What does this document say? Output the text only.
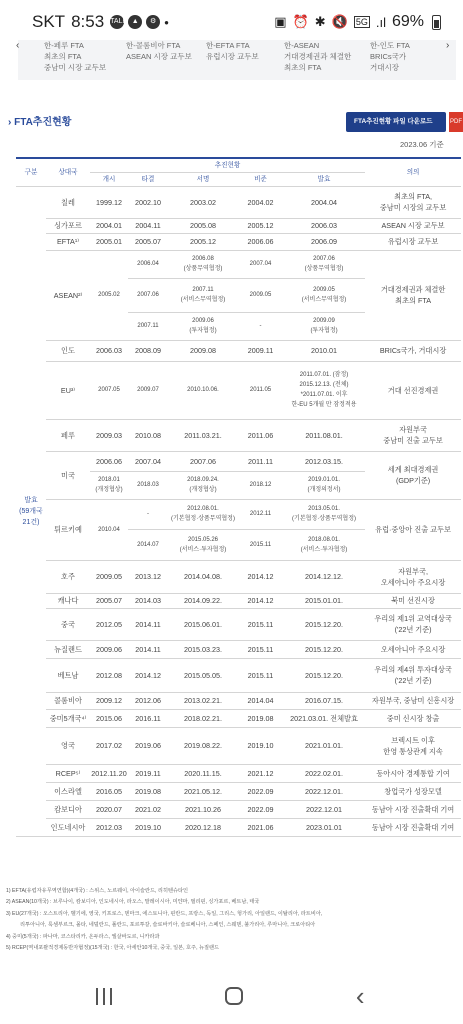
SKT 8:53 TALK ▲	⚙ ●	▣ ⏰ ✱ 🔇 5G .ıl 69%
‹	한-페루 FTA
최초의 FTA
중남미 시장 교두보
한-콜롬비아 FTA
ASEAN 시장 교두보
한-EFTA FTA
유럽시장 교두보
한-ASEAN
거대경제권과 체결한
최초의 FTA
한-인도 FTA
BRICs국가
거대시장
›
› FTA추진현황	FTA추진현황 파일 다운로드	PDF
2023.06 기준
구분	상대국	추진현황					의의
		개시	타결	서명	비준	발효	
발효
(59개국
21건)	칠레	1999.12	2002.10	2003.02	2004.02	2004.04	최초의 FTA,
중남미 시장의 교두보
	싱가포르	2004.01	2004.11	2005.08	2005.12	2006.03	ASEAN 시장 교두보
	EFTA¹⁾	2005.01	2005.07	2005.12	2006.06	2006.09	유럽시장 교두보
	ASEAN²⁾	2005.02	2006.04	2006.08
(상품무역협정)	2007.04	2007.06
(상품무역협정)	거대경제권과 체결한
최초의 FTA
			2007.06	2007.11
(서비스무역협정)	2009.05	2009.05
(서비스무역협정)	
			2007.11	2009.06
(투자협정)	-	2009.09
(투자협정)	
	인도	2006.03	2008.09	2009.08	2009.11	2010.01	BRICs국가, 거대시장
	EU³⁾	2007.05	2009.07	2010.10.06.	2011.05	2011.07.01. (잠정)
2015.12.13. (전체)
*2011.07.01. 이후
한-EU 5개월 만 잠정적용	거대 선진경제권
	페루	2009.03	2010.08	2011.03.21.	2011.06	2011.08.01.	자원부국
중남미 진출 교두보
	미국	2006.06	2007.04	2007.06	2011.11	2012.03.15.	세계 최대경제권
(GDP기준)
		2018.01
(개정협상)	2018.03	2018.09.24.
(개정협상)	2018.12	2019.01.01.
(개정의정서)	
	튀르키예	2010.04	-	2012.08.01.
(기본협정·상품무역협정)	2012.11	2013.05.01.
(기본협정·상품무역협정)	유럽·중앙아 진출 교두보
			2014.07	2015.05.26
(서비스·투자협정)	2015.11	2018.08.01.
(서비스·투자협정)	
	호주	2009.05	2013.12	2014.04.08.	2014.12	2014.12.12.	자원부국,
오세아니아 주요시장
	캐나다	2005.07	2014.03	2014.09.22.	2014.12	2015.01.01.	북미 선진시장
	중국	2012.05	2014.11	2015.06.01.	2015.11	2015.12.20.	우리의 제1위 교역대상국
('22년 기준)
	뉴질랜드	2009.06	2014.11	2015.03.23.	2015.11	2015.12.20.	오세아니아 주요시장
	베트남	2012.08	2014.12	2015.05.05.	2015.11	2015.12.20.	우리의 제4위 투자대상국
('22년 기준)
	콜롬비아	2009.12	2012.06	2013.02.21.	2014.04	2016.07.15.	자원부국, 중남미 신흥시장
	중미5개국⁴⁾	2015.06	2016.11	2018.02.21.	2019.08	2021.03.01. 전체발효	중미 신시장 창출
	영국	2017.02	2019.06	2019.08.22.	2019.10	2021.01.01.	브렉시트 이후
한영 통상관계 지속
	RCEP⁵⁾	2012.11.20	2019.11	2020.11.15.	2021.12	2022.02.01.	동아시아 경제통합 기여
	이스라엘	2016.05	2019.08	2021.05.12.	2022.09	2022.12.01.	창업국가 성장모델
	캄보디아	2020.07	2021.02	2021.10.26	2022.09	2022.12.01	동남아 시장 진출확대 기여
	인도네시아	2012.03	2019.10	2020.12.18	2021.06	2023.01.01	동남아 시장 진출확대 기여
1) EFTA(유럽자유무역연합)(4개국) : 스위스, 노르웨이, 아이슬란드, 리히텐슈타인
2) ASEAN(10개국) : 브루나이, 캄보디아, 인도네시아, 라오스, 말레이시아, 미얀마, 필리핀, 싱가포르, 베트남, 태국
3) EU(27개국) : 오스트리아, 벨기에, 영국, 키프로스, 덴마크, 에스토니아, 핀란드, 프랑스, 독일, 그리스, 헝가리, 아일랜드, 이탈리아, 라트비아,
리투아니아, 룩셈부르크, 몰타, 네덜란드, 폴란드, 포르투갈, 슬로바키아, 슬로베니아, 스페인, 스웨덴, 불가리아, 루마니아, 크로아티아
4) 중미(5개국) : 파나마, 코스타리카, 온두라스, 엘살바도르, 니카라과
5) RCEP(역내포괄적경제동반자협정)(15개국) : 한국, 아세안10개국, 중국, 일본, 호주, 뉴질랜드
‹
